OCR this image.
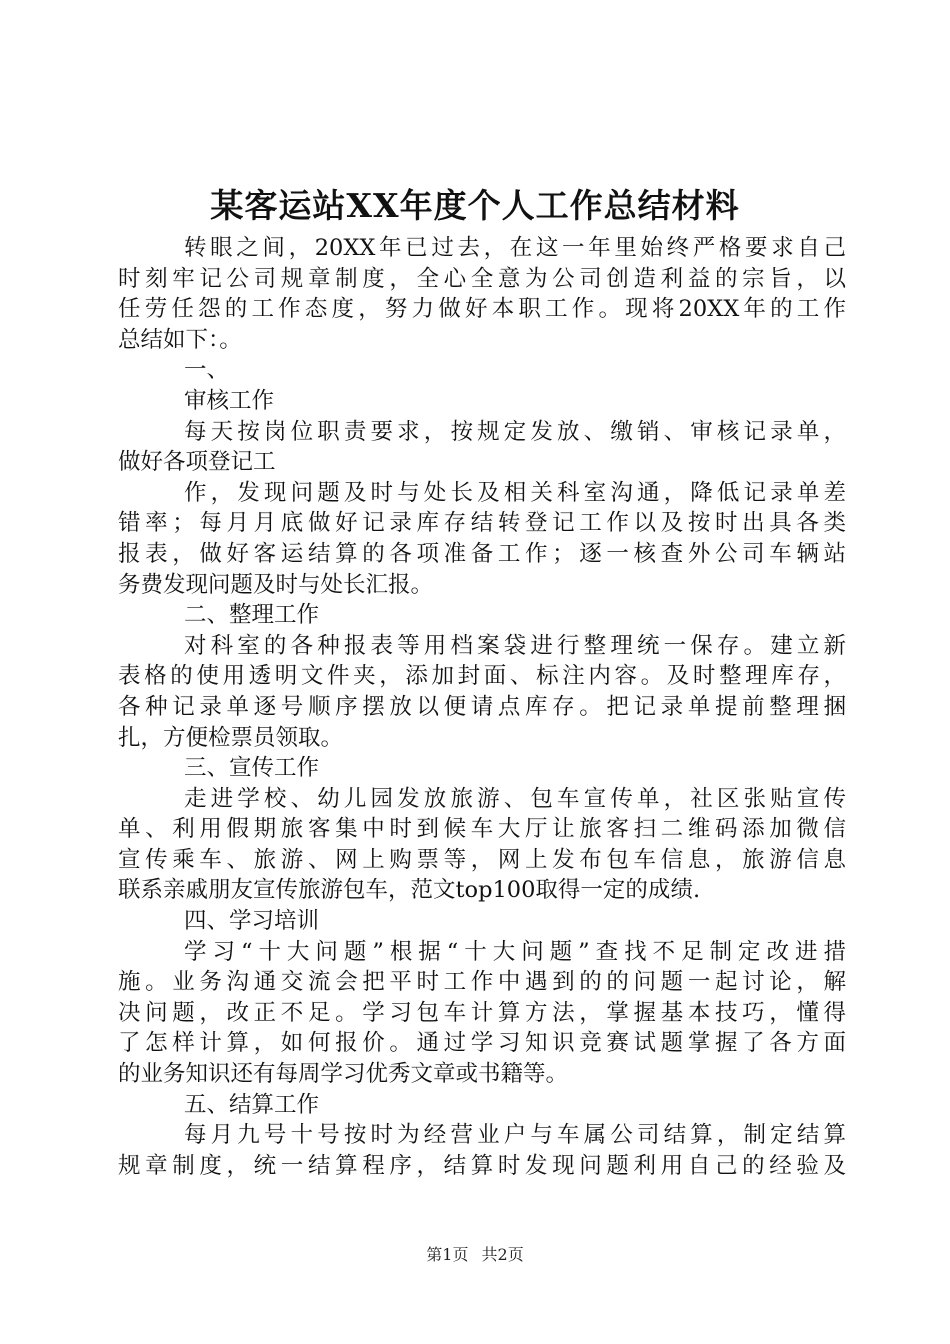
某客运站XX年度个人工作总结材料
转眼之间，20XX年已过去，在这一年里始终严格要求自己
时刻牢记公司规章制度，全心全意为公司创造利益的宗旨，以
任劳任怨的工作态度，努力做好本职工作。现将20XX年的工作
总结如下：。
一、
审核工作
每天按岗位职责要求，按规定发放、缴销、审核记录单，
做好各项登记工
作，发现问题及时与处长及相关科室沟通，降低记录单差
错率；每月月底做好记录库存结转登记工作以及按时出具各类
报表，做好客运结算的各项准备工作；逐一核查外公司车辆站
务费发现问题及时与处长汇报。
二、整理工作
对科室的各种报表等用档案袋进行整理统一保存。建立新
表格的使用透明文件夹，添加封面、标注内容。及时整理库存，
各种记录单逐号顺序摆放以便请点库存。把记录单提前整理捆
扎，方便检票员领取。
三、宣传工作
走进学校、幼儿园发放旅游、包车宣传单，社区张贴宣传
单、利用假期旅客集中时到候车大厅让旅客扫二维码添加微信
宣传乘车、旅游、网上购票等，网上发布包车信息，旅游信息
联系亲戚朋友宣传旅游包车，范文top100取得一定的成绩.
四、学习培训
学习“十大问题”根据“十大问题”查找不足制定改进措
施。业务沟通交流会把平时工作中遇到的的问题一起讨论，解
决问题，改正不足。学习包车计算方法，掌握基本技巧，懂得
了怎样计算，如何报价。通过学习知识竞赛试题掌握了各方面
的业务知识还有每周学习优秀文章或书籍等。
五、结算工作
每月九号十号按时为经营业户与车属公司结算，制定结算
规章制度，统一结算程序，结算时发现问题利用自己的经验及
第1页 共2页
